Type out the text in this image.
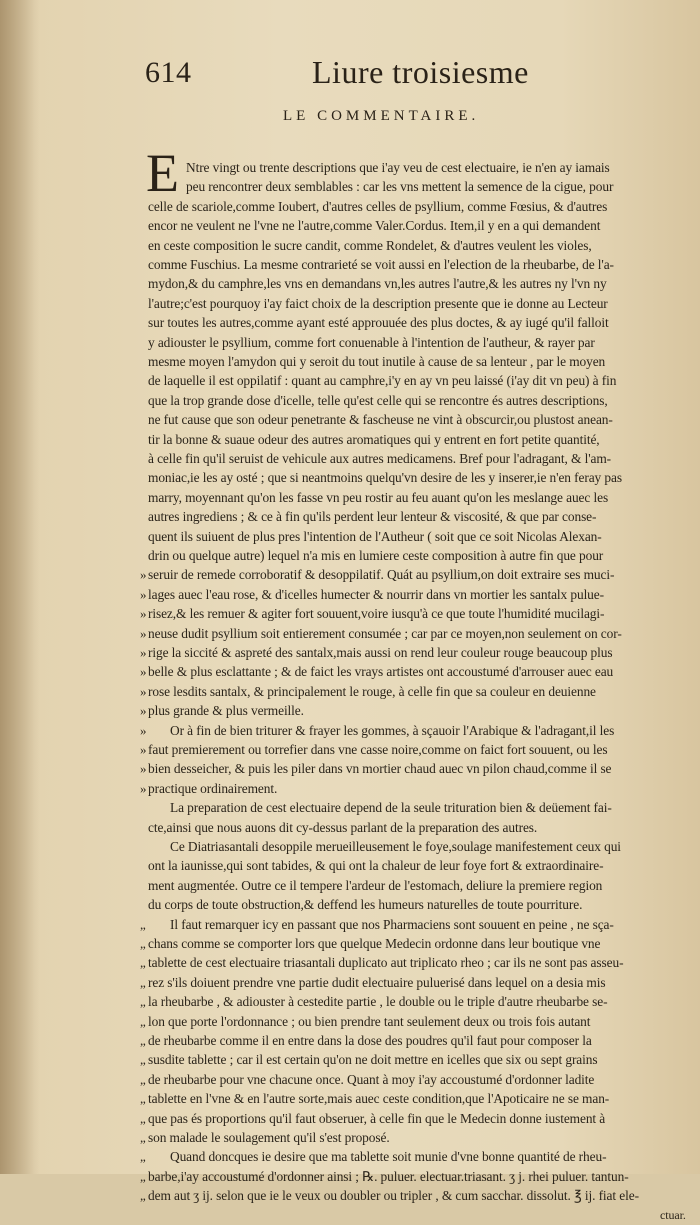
614	Liure troisiesme
LE COMMENTAIRE.
E Ntre vingt ou trente descriptions que i'ay veu de cest electuaire, ie n'en ay iamais
peu rencontrer deux semblables : car les vns mettent la semence de la cigue, pour
celle de scariole,comme Ioubert, d'autres celles de psyllium, comme Fœsius, & d'autres
encor ne veulent ne l'vne ne l'autre,comme Valer.Cordus. Item,il y en a qui demandent
en ceste composition le sucre candit, comme Rondelet, & d'autres veulent les violes,
comme Fuschius. La mesme contrarieté se voit aussi en l'election de la rheubarbe, de l'a-
mydon,& du camphre,les vns en demandans vn,les autres l'autre,& les autres ny l'vn ny
l'autre;c'est pourquoy i'ay faict choix de la description presente que ie donne au Lecteur
sur toutes les autres,comme ayant esté approuuée des plus doctes, & ay iugé qu'il falloit
y adiouster le psyllium, comme fort conuenable à l'intention de l'autheur, & rayer par
mesme moyen l'amydon qui y seroit du tout inutile à cause de sa lenteur , par le moyen
de laquelle il est oppilatif : quant au camphre,i'y en ay vn peu laissé (i'ay dit vn peu) à fin
que la trop grande dose d'icelle, telle qu'est celle qui se rencontre és autres descriptions,
ne fut cause que son odeur penetrante & fascheuse ne vint à obscurcir,ou plustost anean-
tir la bonne & suaue odeur des autres aromatiques qui y entrent en fort petite quantité,
à celle fin qu'il seruist de vehicule aux autres medicamens. Bref pour l'adragant, & l'am-
moniac,ie les ay osté ; que si neantmoins quelqu'vn desire de les y inserer,ie n'en feray pas
marry, moyennant qu'on les fasse vn peu rostir au feu auant qu'on les meslange auec les
autres ingrediens ; & ce à fin qu'ils perdent leur lenteur & viscosité, & que par conse-
quent ils suiuent de plus pres l'intention de l'Autheur ( soit que ce soit Nicolas Alexan-
drin ou quelque autre) lequel n'a mis en lumiere ceste composition à autre fin que pour
seruir de remede corroboratif & desoppilatif. Quát au psyllium,on doit extraire ses muci-
»
lages auec l'eau rose, & d'icelles humecter & nourrir dans vn mortier les santalx pulue-
»
risez,& les remuer & agiter fort souuent,voire iusqu'à ce que toute l'humidité mucilagi-
»
neuse dudit psyllium soit entierement consumée ; car par ce moyen,non seulement on cor-
»
rige la siccité & aspreté des santalx,mais aussi on rend leur couleur rouge beaucoup plus
»
belle & plus esclattante ; & de faict les vrays artistes ont accoustumé d'arrouser auec eau
»
rose lesdits santalx, & principalement le rouge, à celle fin que sa couleur en deuienne
»
plus grande & plus vermeille.
»
Or à fin de bien triturer & frayer les gommes, à sçauoir l'Arabique & l'adragant,il les
»
faut premierement ou torrefier dans vne casse noire,comme on faict fort souuent, ou les
»
bien desseicher, & puis les piler dans vn mortier chaud auec vn pilon chaud,comme il se
»
practique ordinairement.
»
La preparation de cest electuaire depend de la seule trituration bien & deüement fai-
cte,ainsi que nous auons dit cy-dessus parlant de la preparation des autres.
Ce Diatriasantali desoppile merueilleusement le foye,soulage manifestement ceux qui
ont la iaunisse,qui sont tabides, & qui ont la chaleur de leur foye fort & extraordinaire-
ment augmentée. Outre ce il tempere l'ardeur de l'estomach, deliure la premiere region
du corps de toute obstruction,& deffend les humeurs naturelles de toute pourriture.
Il faut remarquer icy en passant que nos Pharmaciens sont souuent en peine , ne sça-
„
chans comme se comporter lors que quelque Medecin ordonne dans leur boutique vne
„
tablette de cest electuaire triasantali duplicato aut triplicato rheo ; car ils ne sont pas asseu-
„
rez s'ils doiuent prendre vne partie dudit electuaire puluerisé dans lequel on a desia mis
„
la rheubarbe , & adiouster à cestedite partie , le double ou le triple d'autre rheubarbe se-
„
lon que porte l'ordonnance ; ou bien prendre tant seulement deux ou trois fois autant
„
de rheubarbe comme il en entre dans la dose des poudres qu'il faut pour composer la
„
susdite tablette ; car il est certain qu'on ne doit mettre en icelles que six ou sept grains
„
de rheubarbe pour vne chacune once. Quant à moy i'ay accoustumé d'ordonner ladite
„
tablette en l'vne & en l'autre sorte,mais auec ceste condition,que l'Apoticaire ne se man-
„
que pas és proportions qu'il faut obseruer, à celle fin que le Medecin donne iustement à
„
son malade le soulagement qu'il s'est proposé.
„
Quand doncques ie desire que ma tablette soit munie d'vne bonne quantité de rheu-
„
barbe,i'ay accoustumé d'ordonner ainsi ; ℞. puluer. electuar.triasant. ʒ j. rhei puluer. tantun-
„
dem aut ʒ ij. selon que ie le veux ou doubler ou tripler , & cum sacchar. dissolut. ℥ ij. fiat ele-
„
ctuar.
